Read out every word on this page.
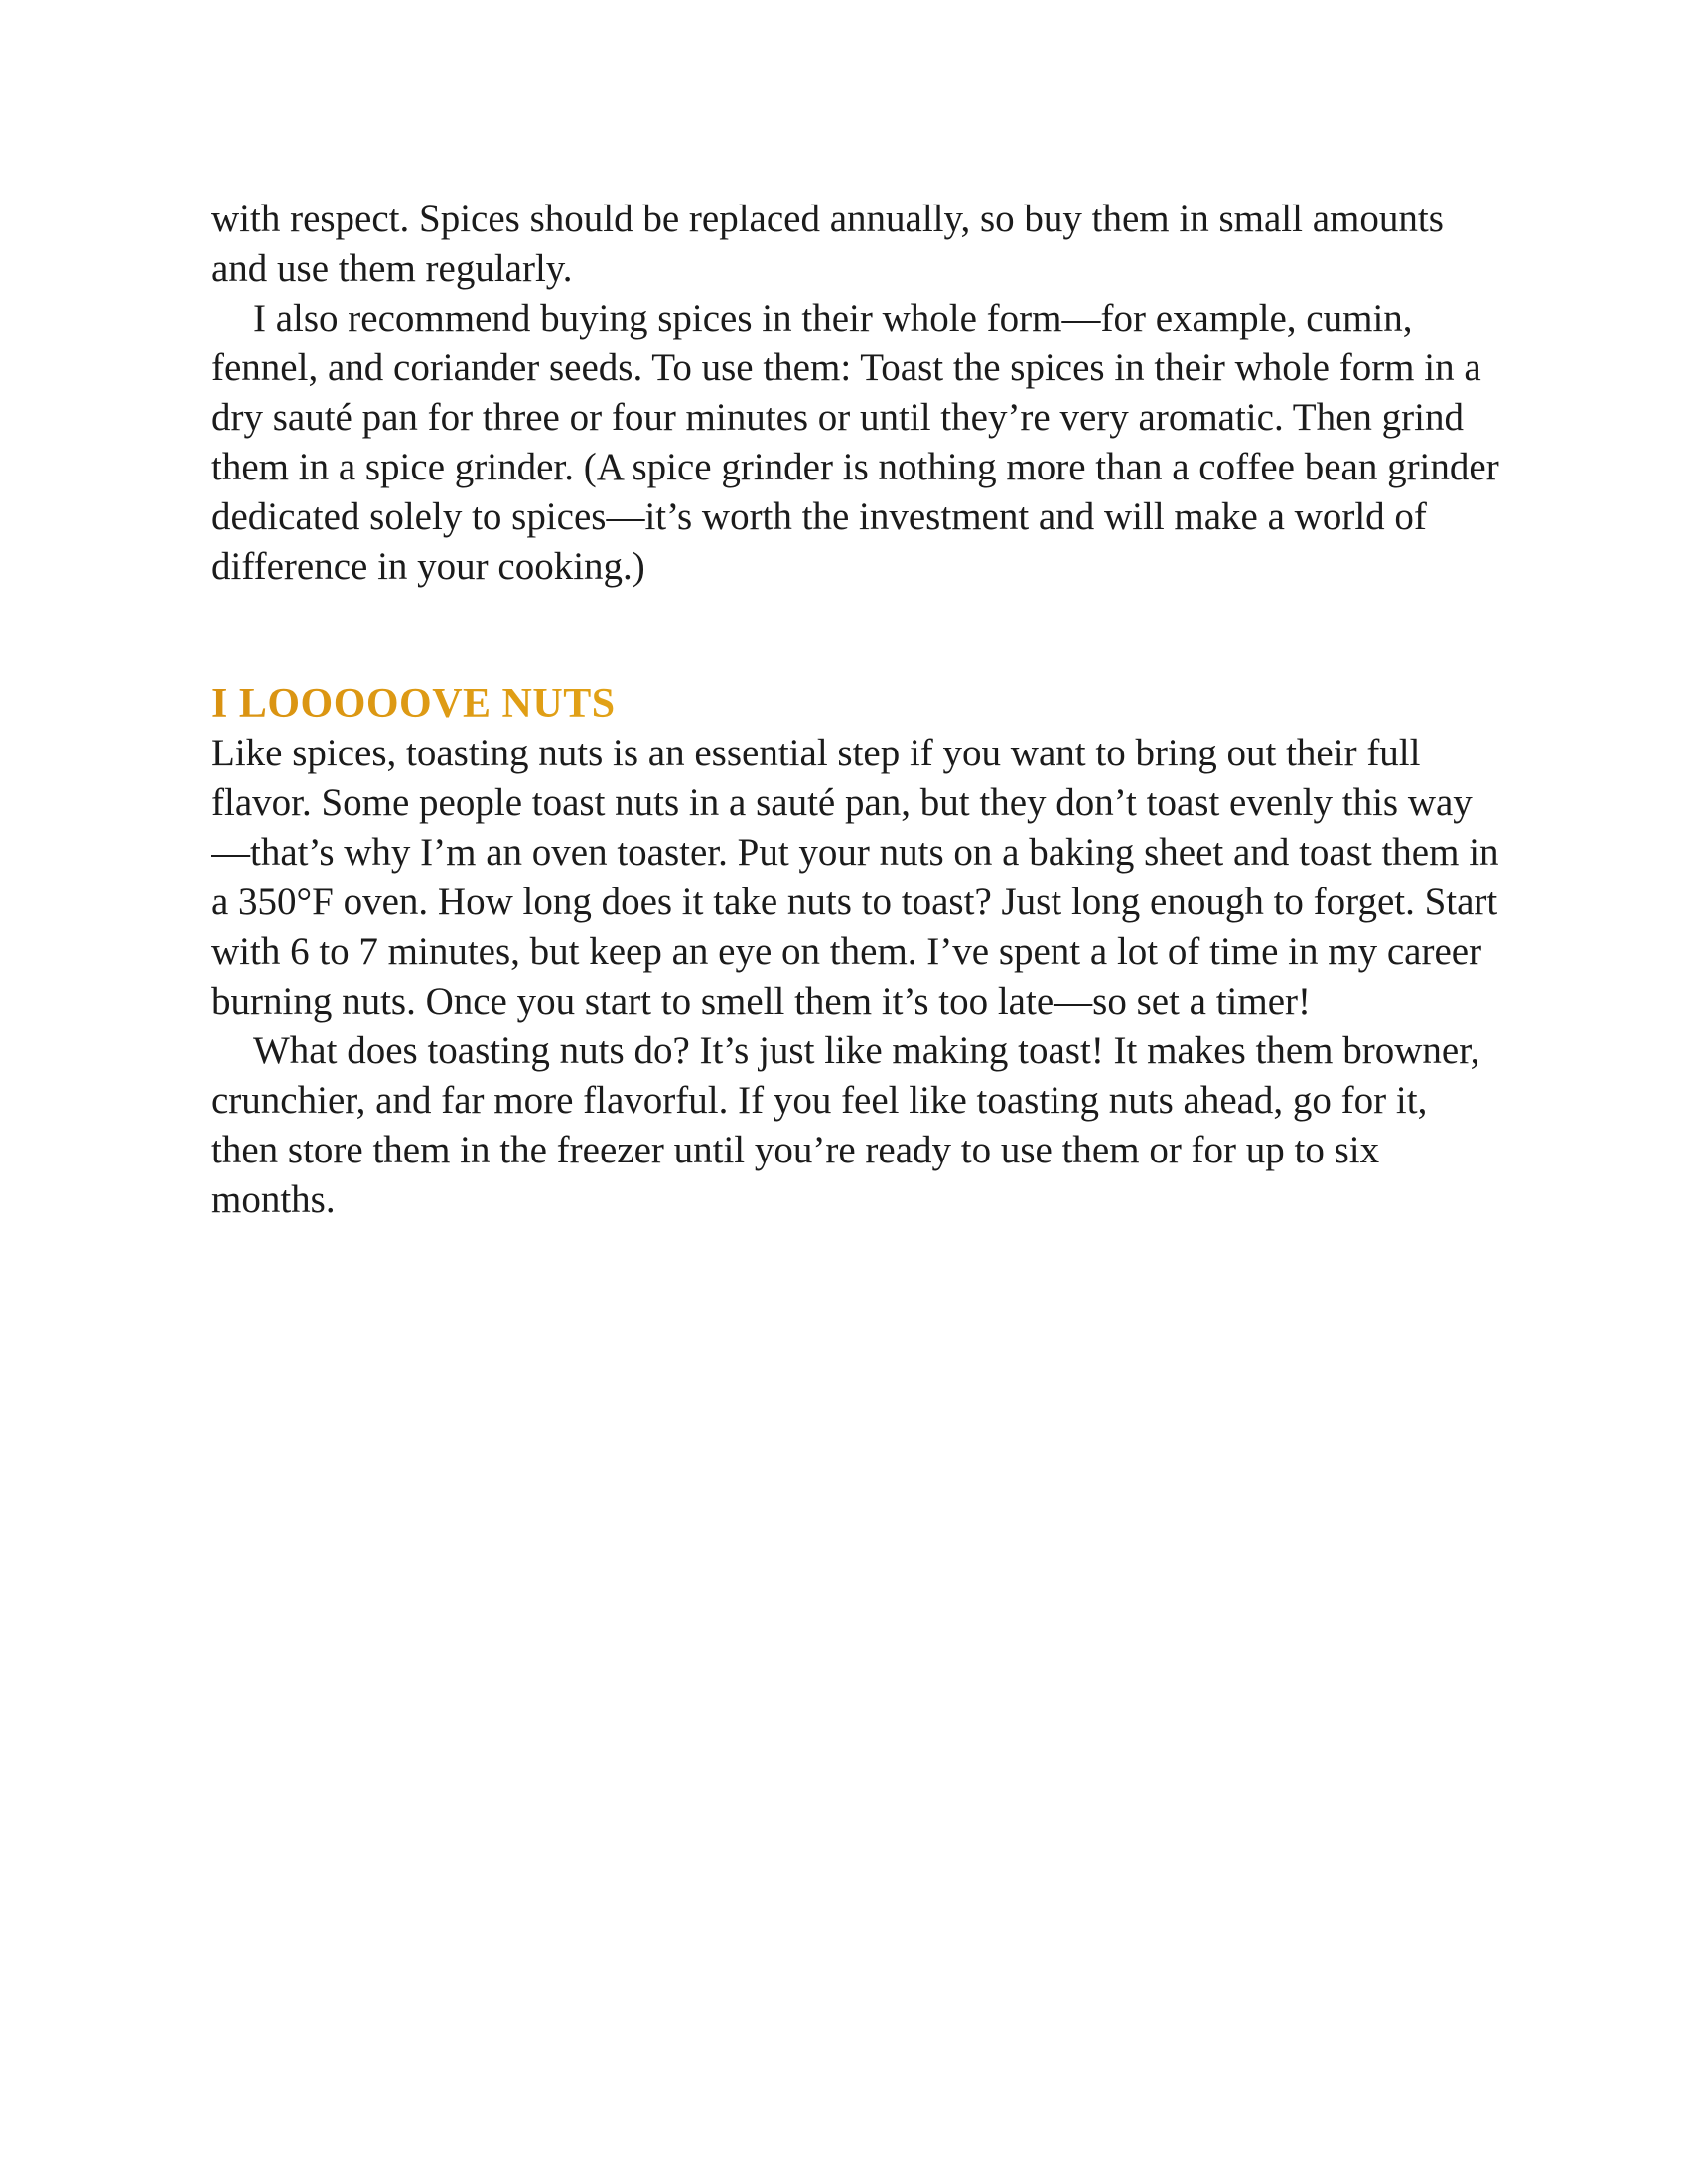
with respect. Spices should be replaced annually, so buy them in small amounts and use them regularly.

I also recommend buying spices in their whole form—for example, cumin, fennel, and coriander seeds. To use them: Toast the spices in their whole form in a dry sauté pan for three or four minutes or until they’re very aromatic. Then grind them in a spice grinder. (A spice grinder is nothing more than a coffee bean grinder dedicated solely to spices—it’s worth the investment and will make a world of difference in your cooking.)

I LOOOOOVE NUTS

Like spices, toasting nuts is an essential step if you want to bring out their full flavor. Some people toast nuts in a sauté pan, but they don’t toast evenly this way—that’s why I’m an oven toaster. Put your nuts on a baking sheet and toast them in a 350°F oven. How long does it take nuts to toast? Just long enough to forget. Start with 6 to 7 minutes, but keep an eye on them. I’ve spent a lot of time in my career burning nuts. Once you start to smell them it’s too late—so set a timer!

What does toasting nuts do? It’s just like making toast! It makes them browner, crunchier, and far more flavorful. If you feel like toasting nuts ahead, go for it, then store them in the freezer until you’re ready to use them or for up to six months.
